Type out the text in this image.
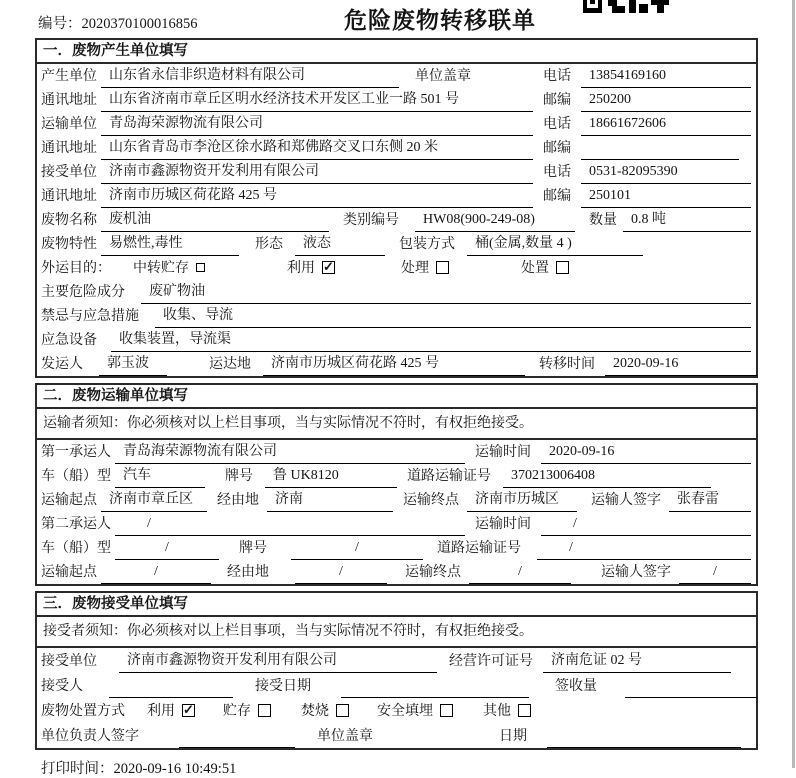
编号：2020370100016856	危险废物转移联单
一．废物产生单位填写
产生单位 山东省永信非织造材料有限公司	单位盖章	电话	13854169160
通讯地址 山东省济南市章丘区明水经济技术开发区工业一路 501 号	邮编	250200
运输单位 青岛海荣源物流有限公司	电话	18661672606
通讯地址 山东省青岛市李沧区徐水路和郑佛路交叉口东侧 20 米	邮编
接受单位 济南市鑫源物资开发利用有限公司	电话	0531-82095390
通讯地址 济南市历城区荷花路 425 号	邮编	250101
废物名称 废机油	类别编号	HW08(900-249-08)	数量	0.8 吨
废物特性 易燃性,毒性	形态	液态	包装方式	桶(金属,数量 4 )
外运目的： 中转贮存	利用 ✓	处理	处置
主要危险成分	废矿物油
禁忌与应急措施	收集、导流
应急设备	收集装置，导流渠
发运人	郭玉波	运达地	济南市历城区荷花路 425 号	转移时间	2020-09-16
二．废物运输单位填写
运输者须知：你必须核对以上栏目事项，当与实际情况不符时，有权拒绝接受。
第一承运人 青岛海荣源物流有限公司	运输时间	2020-09-16
车（船）型 汽车	牌号	鲁 UK8120	道路运输证号	370213006408
运输起点 济南市章丘区	经由地	济南	运输终点	济南市历城区	运输人签字	张春雷
第二承运人	/	运输时间	/
车（船）型	/	牌号	/	道路运输证号	/
运输起点	/	经由地	/	运输终点	/	运输人签字	/
三．废物接受单位填写
接受者须知：你必须核对以上栏目事项，当与实际情况不符时，有权拒绝接受。
接受单位	济南市鑫源物资开发利用有限公司	经营许可证号	济南危证 02 号
接受人	接受日期	签收量
废物处置方式 利用 ✓	贮存	焚烧	安全填埋	其他
单位负责人签字	单位盖章	日期
打印时间：2020-09-16 10:49:51
